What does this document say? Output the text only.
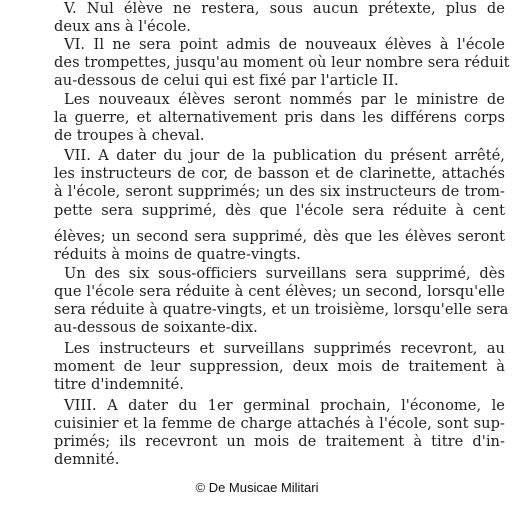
V. Nul élève ne restera, sous aucun prétexte, plus de
deux ans à l'école.
VI. Il ne sera point admis de nouveaux élèves à l'école
des trompettes, jusqu'au moment où leur nombre sera réduit
au-dessous de celui qui est fixé par l'article II.
Les nouveaux élèves seront nommés par le ministre de
la guerre, et alternativement pris dans les différens corps
de troupes à cheval.
VII. A dater du jour de la publication du présent arrêté,
les instructeurs de cor, de basson et de clarinette, attachés
à l'école, seront supprimés; un des six instructeurs de trom-
pette sera supprimé, dès que l'école sera réduite à cent
élèves; un second sera supprimé, dès que les élèves seront
réduits à moins de quatre-vingts.
Un des six sous-officiers surveillans sera supprimé, dès
que l'école sera réduite à cent élèves; un second, lorsqu'elle
sera réduite à quatre-vingts, et un troisième, lorsqu'elle sera
au-dessous de soixante-dix.
Les instructeurs et surveillans supprimés recevront, au
moment de leur suppression, deux mois de traitement à
titre d'indemnité.
VIII. A dater du 1er germinal prochain, l'économe, le
cuisinier et la femme de charge attachés à l'école, sont sup-
primés; ils recevront un mois de traitement à titre d'in-
demnité.
© De Musicae Militari
